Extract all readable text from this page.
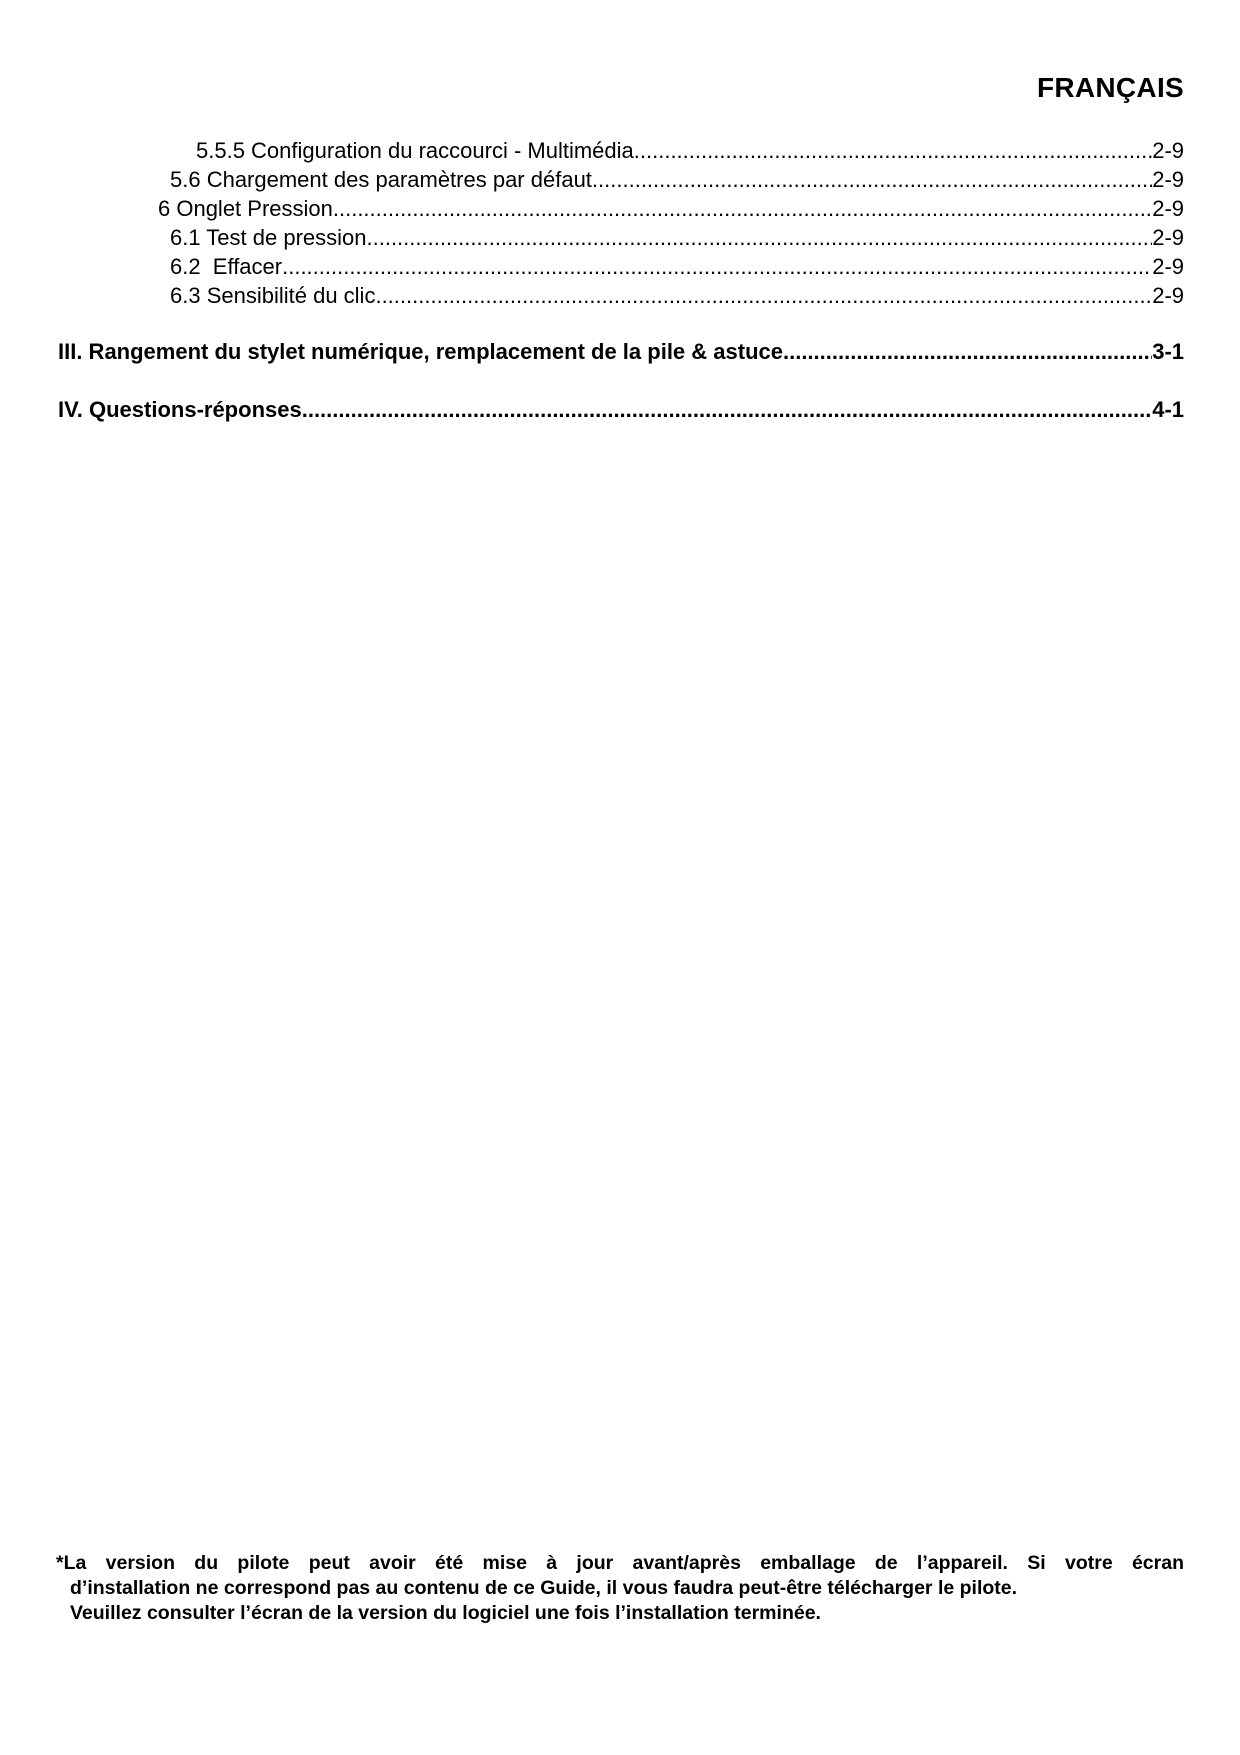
FRANÇAIS
5.5.5 Configuration du raccourci - Multimédia .....	2-9
5.6 Chargement des paramètres par défaut .....	2-9
6 Onglet Pression .....	2-9
6.1 Test de pression .....	2-9
6.2  Effacer .....	2-9
6.3 Sensibilité du clic .....	2-9
III. Rangement du stylet numérique, remplacement de la pile & astuce .....	3-1
IV. Questions-réponses .....	4-1
*La version du pilote peut avoir été mise à jour avant/après emballage de l’appareil. Si votre écran
d’installation ne correspond pas au contenu de ce Guide, il vous faudra peut-être télécharger le pilote.
Veuillez consulter l’écran de la version du logiciel une fois l’installation terminée.
